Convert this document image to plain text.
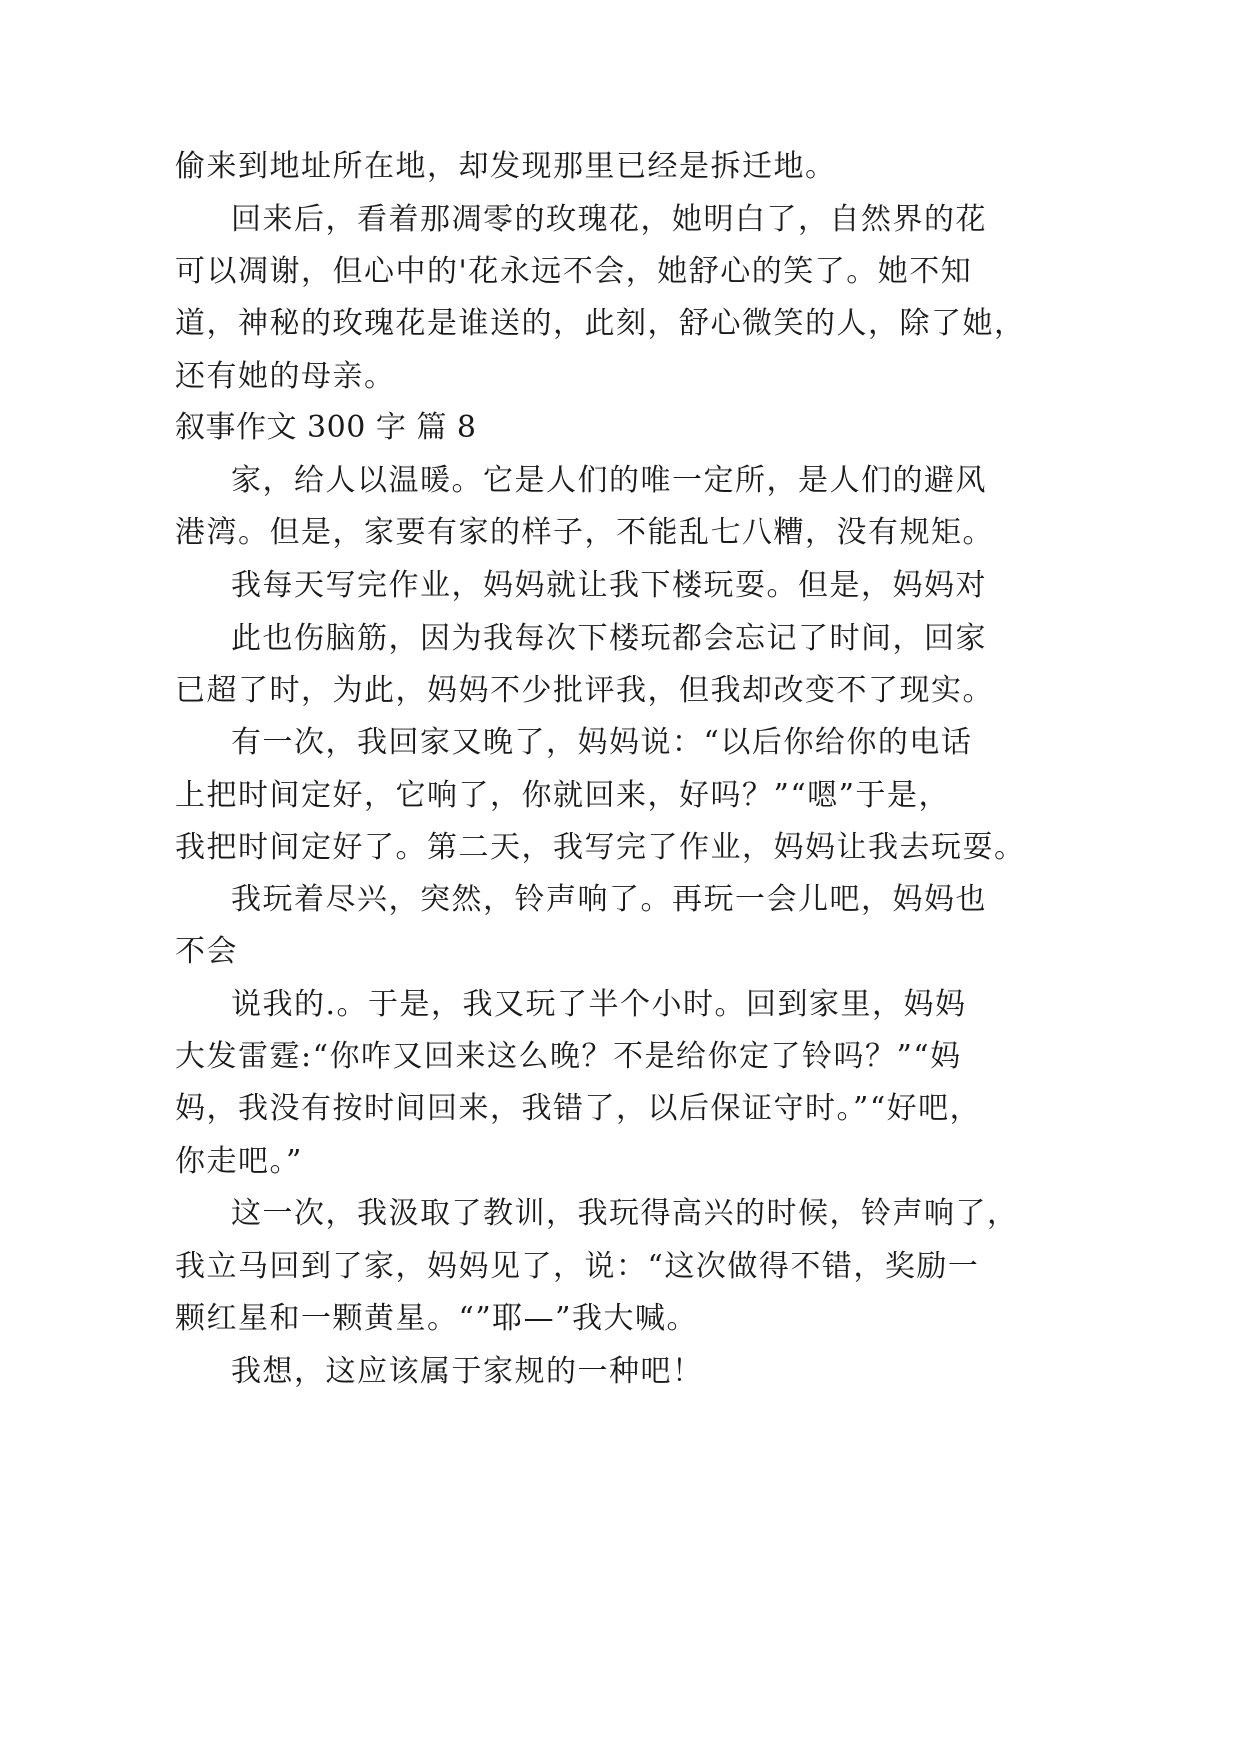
偷来到地址所在地，却发现那里已经是拆迁地。
回来后，看着那凋零的玫瑰花，她明白了，自然界的花
可以凋谢，但心中的'花永远不会，她舒心的笑了。她不知
道，神秘的玫瑰花是谁送的，此刻，舒心微笑的人，除了她，
还有她的母亲。
叙事作文 300 字 篇 8
家，给人以温暖。它是人们的唯一定所，是人们的避风
港湾。但是，家要有家的样子，不能乱七八糟，没有规矩。
我每天写完作业，妈妈就让我下楼玩耍。但是，妈妈对
此也伤脑筋，因为我每次下楼玩都会忘记了时间，回家
已超了时，为此，妈妈不少批评我，但我却改变不了现实。
有一次，我回家又晚了，妈妈说：“以后你给你的电话
上把时间定好，它响了，你就回来，好吗？”“嗯”于是，
我把时间定好了。第二天，我写完了作业，妈妈让我去玩耍。
我玩着尽兴，突然，铃声响了。再玩一会儿吧，妈妈也
不会
说我的.。于是，我又玩了半个小时。回到家里，妈妈
大发雷霆:“你咋又回来这么晚？不是给你定了铃吗？”“妈
妈，我没有按时间回来，我错了，以后保证守时。”“好吧，
你走吧。”
这一次，我汲取了教训，我玩得高兴的时候，铃声响了，
我立马回到了家，妈妈见了，说：“这次做得不错，奖励一
颗红星和一颗黄星。“”耶—”我大喊。
我想，这应该属于家规的一种吧！
